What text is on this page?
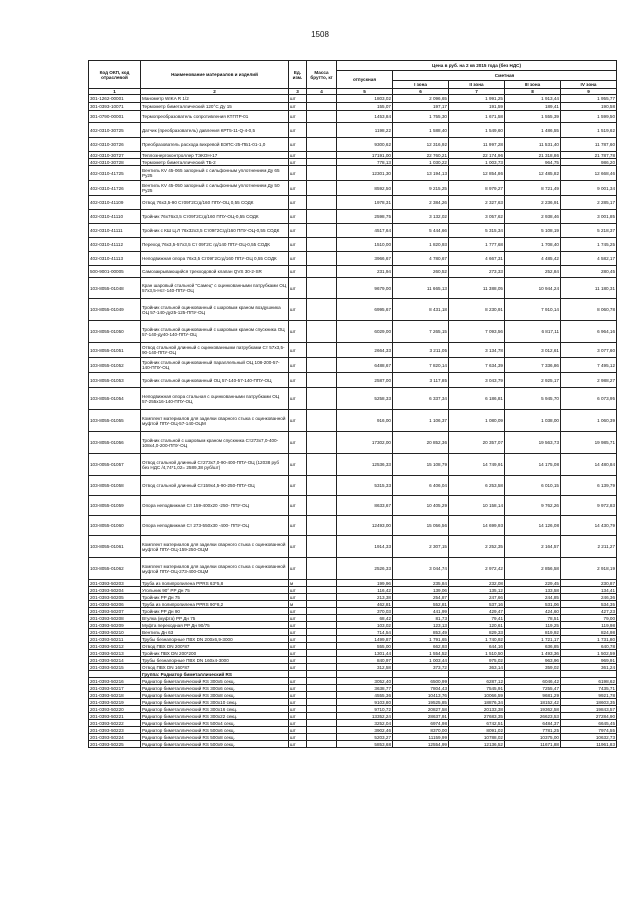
1508
Код ОКП, код отраслевой	Наименование материалов и изделий	Ед. изм.	Масса брутто, кг	Цена в руб. на 2 кв 2015 года (без НДС)				
				отпускная	Сметная			
					I зона	II зона	III зона	IV зона
1	2	3	4	5	6	7	8	9
301-1262-00001	Манометр WIKA R 1/2	шт		1803,02	2 096,65	1 991,25	1 913,44	1 955,77
301-0393-10071	Термометр биметаллический 120°С Ду 15	шт		155,07	197,17	191,59	189,41	190,58
301-0790-00001	Термопреобразователь сопротивления КТПТР-01	шт		1453,84	1 755,30	1 671,58	1 555,39	1 599,50
402-0310-30725	Датчик (преобразователь) давления КРТ5-11-Q-4-0,5	шт		1198,22	1 588,40	1 549,60	1 486,55	1 519,62
402-0310-30726	Преобразователь расхода вихревой ВЭПС-25-ПБ1-01-1,0	шт		9300,62	12 316,92	11 997,28	11 531,40	11 787,60
402-0310-30727	Теплоэнергоконтроллер ТЭКОН-17	шт		17191,00	22 760,21	22 174,96	21 318,86	21 787,78
402-0310-30728	Термометр биметаллический ТБ-2	шт		778,13	1 030,22	1 003,73	964,75	986,20
402-0310-41725	Вентиль КV 45-065 запорный с сильфонным уплотнением Ду 65 Ру25	шт		12301,30	13 194,13	12 854,86	12 485,82	12 668,46
402-0310-41726	Вентиль КV 45-050 запорный с сильфонным уплотнением Ду 50 Ру25	шт		8592,50	9 215,25	8 979,27	8 721,49	9 001,34
402-0310-41109	Отвод 76х3,5-90 Ст09Г2Сгд/160 ППУ-ОЦ 0,55 СОДК	шт		1978,31	2 384,26	2 327,63	2 236,91	2 285,17
402-0310-41110	Тройник 76х76х3,5 Ст09Г2Сгд/160 ППУ-ОЦ-0,55 СОДК	шт		2598,75	3 132,02	3 057,62	2 938,46	3 001,85
402-0310-41111	Тройник с КШ Ц.Л 76х32х3,5 Ст09Г2Сгд/160 ППУ-ОЦ-0,55 СОДК	шт		4517,64	5 444,66	5 315,34	5 108,19	5 218,37
402-0310-41112	Переход 76х3,5-57х3,5 Ст 09Г2С гд/140 ППУ-ОЦ-0,55 СОДК	шт		1510,00	1 820,93	1 777,68	1 708,40	1 745,25
402-0310-41113	Неподвижная опора 76х3,5 Ст09Г2Сгд/160 ППУ-ОЦ 0,55 СОДК	шт		3966,67	4 780,67	4 667,31	4 485,42	4 582,17
500-9001-00005	Самозакрывающийся трехходовой клапан QVS 30-2-SR	шт		231,94	260,52	273,33	252,84	280,45
103-8055-01048	Кран шаровый стальной "Самец" с оцинкованными патрубками ОЦ 57х3,5-Нст-140-ППУ-ОЦ	шт		9679,00	11 665,13	11 388,05	10 944,24	11 180,31
103-8055-01049	Тройник стальной оцинкованный с шаровым краном воздушника ОЦ 57-140-ду25-125-ППУ-ОЦ	шт		6995,67	8 431,18	8 230,91	7 910,14	8 060,78
103-8055-01050	Тройник стальной оцинкованный с шаровым краном спускника ОЦ 57-140-ду40-140-ППУ-ОЦ	шт		6029,00	7 265,15	7 093,56	6 817,11	6 964,16
103-8055-01051	Отвод стальной длинный с оцинкованными патрубками Ст 57х3,5-90-140-ППУ-ОЦ	шт		2664,33	3 211,05	3 134,78	3 012,61	3 077,60
103-8055-01052	Тройник стальной оцинкованный параллельный ОЦ 108-200-57-140-ППУ-ОЦ	шт		6488,67	7 820,14	7 634,39	7 336,86	7 495,12
103-8055-01053	Тройник стальной оцинкованный ОЦ 57-140-57-140-ППУ-ОЦ	шт		2587,00	3 117,85	3 043,79	2 925,17	2 988,27
103-8055-01054	Неподвижная опора стальная с оцинкованными патрубками ОЦ 57-255х16-140-ППУ-ОЦ	шт		5258,33	6 337,34	6 186,81	5 945,70	6 073,95
103-8055-01055	Комплект материалов для заделки сварного стыка с оцинкованной муфтой ППУ-ОЦ-57-140-ОЦМ	шт		916,00	1 106,37	1 080,09	1 038,00	1 060,39
103-8055-01056	Тройник стальной с шаровым краном спускника Ст273х7,0-400-108х4,0-200-ППУ-ОЦ	шт		17302,00	20 852,36	20 357,07	19 563,73	19 985,71
103-0055-01057	Отвод стальной длинный Ст273х7,0-90-400-ППУ-ОЦ (12038 руб без НДС /4,74*1,02= 2589,38 руб/шт)	шт		12536,33	15 108,79	14 749,91	14 175,08	14 480,84
103-8055-01058	Отвод стальной длинный Ст159х4,5-90-250-ППУ-ОЦ	шт		5315,33	6 406,04	6 253,58	6 010,15	6 139,79
103-8055-01059	Опора неподвижная Ст 159-400х20 -250- ППУ-ОЦ	шт		8633,67	10 405,29	10 158,14	9 762,26	9 972,83
103-8055-01060	Опора неподвижная Ст 273-550х30 -400- ППУ-ОЦ	шт		12493,00	15 056,56	14 699,93	14 126,08	14 430,79
103-8055-01061	Комплект материалов для заделки сварного стыка с оцинкованной муфтой ППУ-ОЦ-159-250-ОЦМ	шт		1914,33	2 307,15	2 252,35	2 164,57	2 211,27
103-8055-01062	Комплект материалов для заделки сварного стыка с оцинкованной муфтой ППУ-ОЦ-273-400-ОЦМ	шт		2526,33	3 044,74	2 972,42	2 856,58	2 918,19
201-0393-50203	Труба из полипропилена PPRS 63*5,8	м		199,96	235,84	232,08	229,45	230,87
201-0393-50204	Угольник 90° PP Дн 75	шт		116,42	139,06	135,12	133,58	134,41
201-0393-50205	Тройник PP Дн 75	шт		213,38	254,87	247,66	244,85	246,36
201-0393-50206	Труба из полипропилена PPRS 90*8,2	м		462,81	552,81	537,16	531,06	534,35
201-0393-50207	Тройник PP Дн 90	шт		370,03	441,99	429,47	424,60	427,23
201-0393-50208	Втулка (муфта) PP Дн 75	шт		68,42	81,73	79,41	78,51	79,00
201-0393-50209	Муфта переходная PP Дн 90/75	шт		103,02	123,13	120,61	119,25	119,98
201-0393-50210	Вентиль Дн 63	шт		714,54	853,49	829,33	819,92	824,98
201-0393-50211	Трубы безнапорные ПВХ DN 200х6,9-3000	шт		1499,87	1 791,65	1 740,92	1 721,17	1 731,80
201-0393-50212	Отвод ПВХ DN 200*87	шт		555,00	662,93	644,16	636,85	640,78
201-0393-50213	Тройник ПВХ DN 200*200	шт		1301,44	1 554,52	1 510,50	1 493,36	1 502,59
201-0393-50214	Трубы безнапорные ПВХ DN 160х4-3000	шт		840,97	1 003,44	975,02	963,96	969,91
201-0393-50215	Отвод ПВХ DN 160*87	шт		312,58	373,72	363,14	359,02	361,24
	Группа: Радиатор биметаллический RS							
201-0393-50216	Радиатор биметаллический RS 300х5 секц.	шт		3052,40	6500,99	6287,12	6046,42	6198,62
201-0393-50217	Радиатор биметаллический RS 300х6 секц.	шт		3638,77	7804,43	7545,91	7255,47	7435,71
201-0393-50218	Радиатор биметаллический RS 300х8 секц.	шт		4555,36	10413,76	10066,59	9681,29	9921,78
201-0393-50219	Радиатор биметаллический RS 300х10 секц.	шт		9103,80	19525,85	18876,34	18152,42	18603,35
201-0393-50220	Радиатор биметаллический RS 300х16 секц.	шт		9710,72	20827,58	20133,38	19362,58	19843,57
201-0393-50221	Радиатор биметаллический RS 300х22 секц.	шт		13352,24	28637,91	27683,35	26623,53	27284,90
201-0393-50222	Радиатор биметаллический RS 500х4 секц.	шт		3252,04	6974,98	6742,51	6484,37	6645,45
201-0393-50223	Радиатор биметаллический RS 500х6 секц.	шт		3902,46	8370,00	8091,02	7781,25	7974,55
201-0393-50224	Радиатор биметаллический RS 500х8 секц.	шт		5203,27	11159,99	10788,02	10375,00	10632,73
201-0393-50225	Радиатор биметаллический RS 500х9 секц.	шт		5853,68	12554,99	12136,52	11671,88	11961,83
